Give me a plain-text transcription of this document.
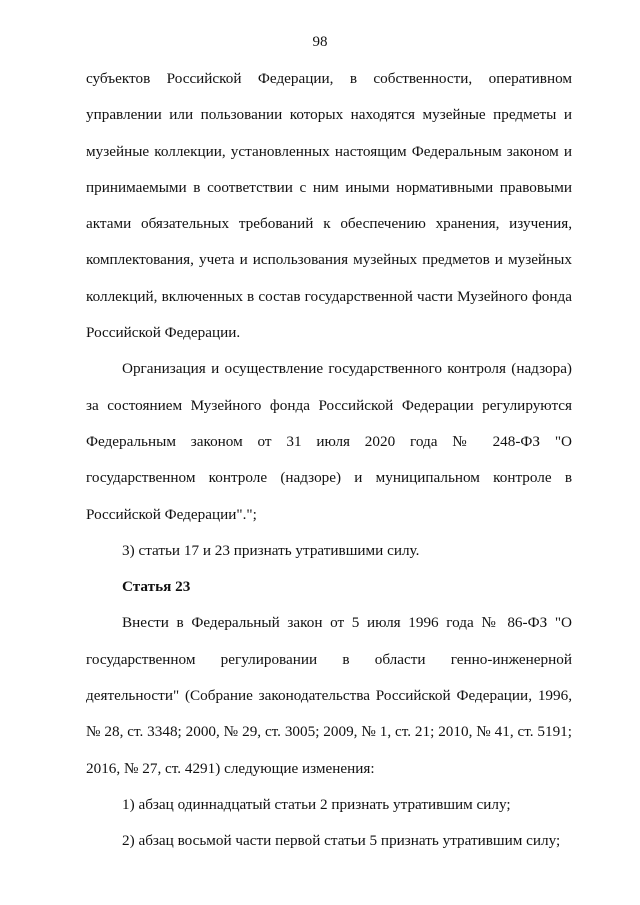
98

субъектов Российской Федерации, в собственности, оперативном управлении или пользовании которых находятся музейные предметы и музейные коллекции, установленных настоящим Федеральным законом и принимаемыми в соответствии с ним иными нормативными правовыми актами обязательных требований к обеспечению хранения, изучения, комплектования, учета и использования музейных предметов и музейных коллекций, включенных в состав государственной части Музейного фонда Российской Федерации.

Организация и осуществление государственного контроля (надзора) за состоянием Музейного фонда Российской Федерации регулируются Федеральным законом от 31 июля 2020 года № 248-ФЗ "О государственном контроле (надзоре) и муниципальном контроле в Российской Федерации".";

3) статьи 17 и 23 признать утратившими силу.

Статья 23

Внести в Федеральный закон от 5 июля 1996 года № 86-ФЗ "О государственном регулировании в области генно-инженерной деятельности" (Собрание законодательства Российской Федерации, 1996, № 28, ст. 3348; 2000, № 29, ст. 3005; 2009, № 1, ст. 21; 2010, № 41, ст. 5191; 2016, № 27, ст. 4291) следующие изменения:

1) абзац одиннадцатый статьи 2 признать утратившим силу;

2) абзац восьмой части первой статьи 5 признать утратившим силу;
